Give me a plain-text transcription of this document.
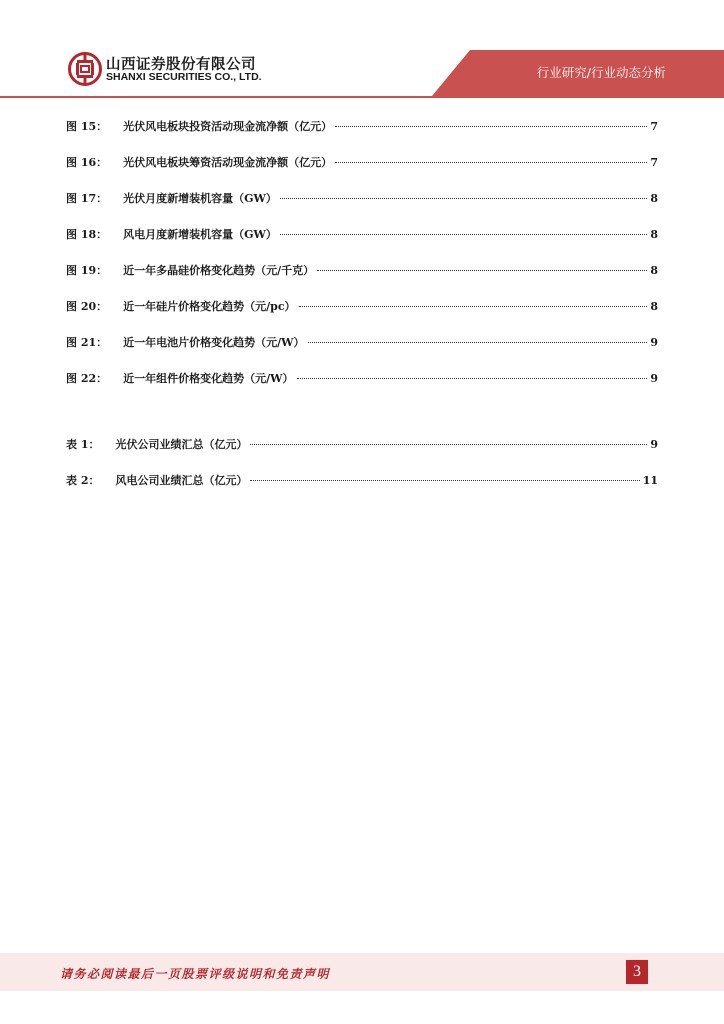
山西证券股份有限公司
SHANXI SECURITIES CO., LTD.	行业研究/行业动态分析
图 15： 光伏风电板块投资活动现金流净额（亿元）	7
图 16： 光伏风电板块筹资活动现金流净额（亿元）	7
图 17： 光伏月度新增装机容量（GW）	8
图 18： 风电月度新增装机容量（GW）	8
图 19： 近一年多晶硅价格变化趋势（元/千克）	8
图 20： 近一年硅片价格变化趋势（元/pc）	8
图 21： 近一年电池片价格变化趋势（元/W）	9
图 22： 近一年组件价格变化趋势（元/W）	9
表 1： 光伏公司业绩汇总（亿元）	9
表 2： 风电公司业绩汇总（亿元）	11
请务必阅读最后一页股票评级说明和免责声明	3
